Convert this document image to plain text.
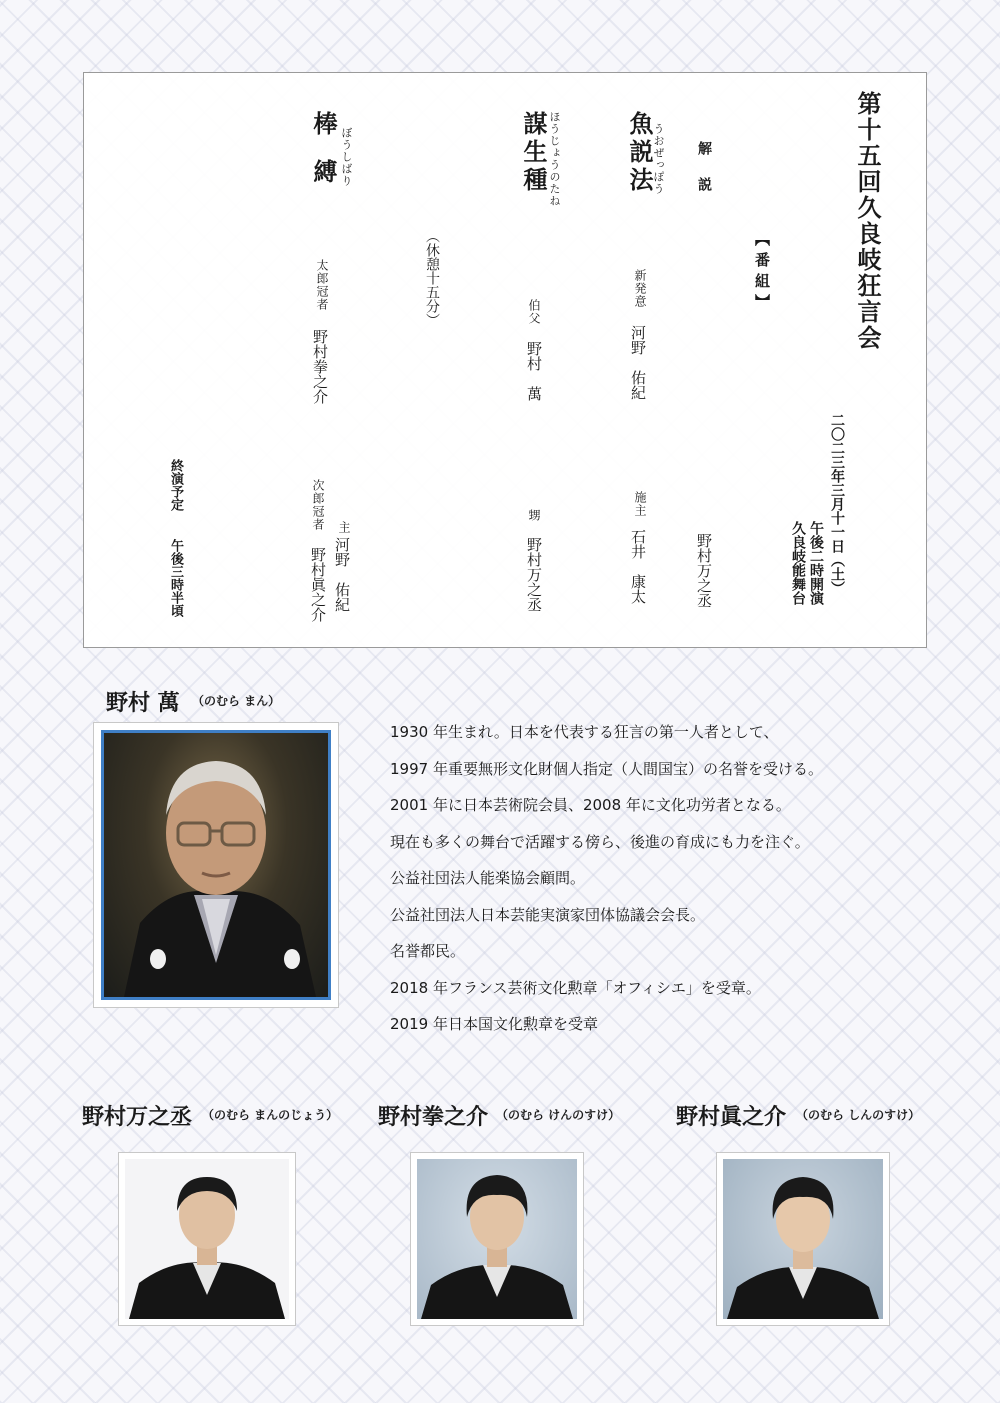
第十五回久良岐狂言会
二〇二三年三月十一日（土）
午後二時開演
久良岐能舞台
【番組】
解説
野村万之丞
うおぜっぽう
魚説法
新発意
河野　佑紀
施主
石井　康太
ほうじょうのたね
謀生種
伯父
野村　萬
甥
野村万之丞
（休憩十五分）
ぼうしばり
棒縛
太郎冠者
野村拳之介
主
河野　佑紀
次郎冠者
野村眞之介
終演予定
午後三時半頃
野村 萬 （のむら まん）
1930 年生まれ。日本を代表する狂言の第一人者として、
1997 年重要無形文化財個人指定（人間国宝）の名誉を受ける。
2001 年に日本芸術院会員、2008 年に文化功労者となる。
現在も多くの舞台で活躍する傍ら、後進の育成にも力を注ぐ。
公益社団法人能楽協会顧問。
公益社団法人日本芸能実演家団体協議会会長。
名誉都民。
2018 年フランス芸術文化勲章「オフィシエ」を受章。
2019 年日本国文化勲章を受章
野村万之丞 （のむら まんのじょう） 野村拳之介 （のむら けんのすけ）	野村眞之介 （のむら しんのすけ）
